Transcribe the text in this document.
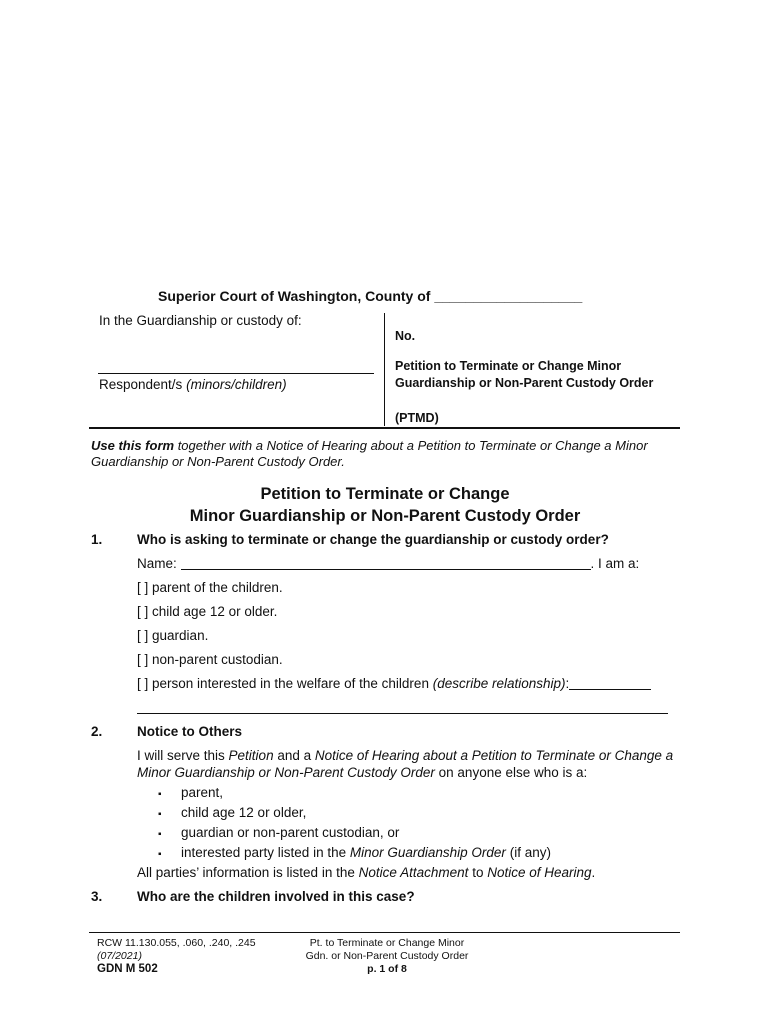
Superior Court of Washington, County of ___________________
In the Guardianship or custody of:
Respondent/s (minors/children)
No.
Petition to Terminate or Change Minor Guardianship or Non-Parent Custody Order
(PTMD)
Use this form together with a Notice of Hearing about a Petition to Terminate or Change a Minor Guardianship or Non-Parent Custody Order.
Petition to Terminate or Change
Minor Guardianship or Non-Parent Custody Order
1.	Who is asking to terminate or change the guardianship or custody order?
Name:	. I am a:
[ ] parent of the children.
[ ] child age 12 or older.
[ ] guardian.
[ ] non-parent custodian.
[ ] person interested in the welfare of the children (describe relationship):
2.	Notice to Others
I will serve this Petition and a Notice of Hearing about a Petition to Terminate or Change a Minor Guardianship or Non-Parent Custody Order on anyone else who is a:
▪ parent,
▪ child age 12 or older,
▪ guardian or non-parent custodian, or
▪ interested party listed in the Minor Guardianship Order (if any)
All parties’ information is listed in the Notice Attachment to Notice of Hearing.
3.	Who are the children involved in this case?
RCW 11.130.055, .060, .240, .245
(07/2021)
GDN M 502
Pt. to Terminate or Change Minor
Gdn. or Non-Parent Custody Order
p. 1 of 8
